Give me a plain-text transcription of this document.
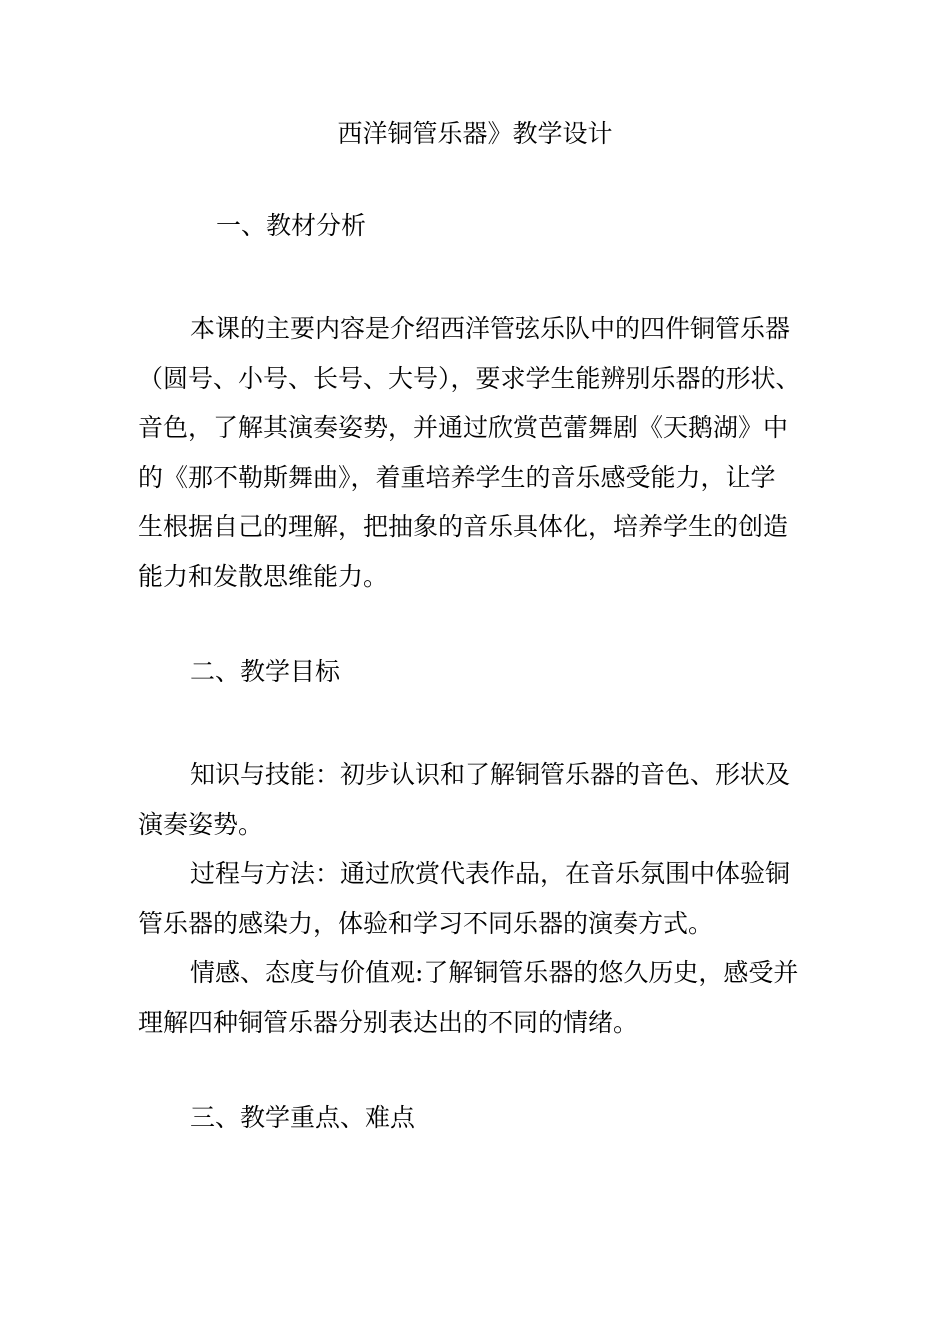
西洋铜管乐器》教学设计
一、教材分析
本课的主要内容是介绍西洋管弦乐队中的四件铜管乐器
（圆号、小号、长号、大号），要求学生能辨别乐器的形状、
音色，了解其演奏姿势，并通过欣赏芭蕾舞剧《天鹅湖》中
的《那不勒斯舞曲》，着重培养学生的音乐感受能力，让学
生根据自己的理解，把抽象的音乐具体化，培养学生的创造
能力和发散思维能力。
二、教学目标
知识与技能：初步认识和了解铜管乐器的音色、形状及
演奏姿势。
过程与方法：通过欣赏代表作品，在音乐氛围中体验铜
管乐器的感染力，体验和学习不同乐器的演奏方式。
情感、态度与价值观:了解铜管乐器的悠久历史，感受并
理解四种铜管乐器分别表达出的不同的情绪。
三、教学重点、难点
